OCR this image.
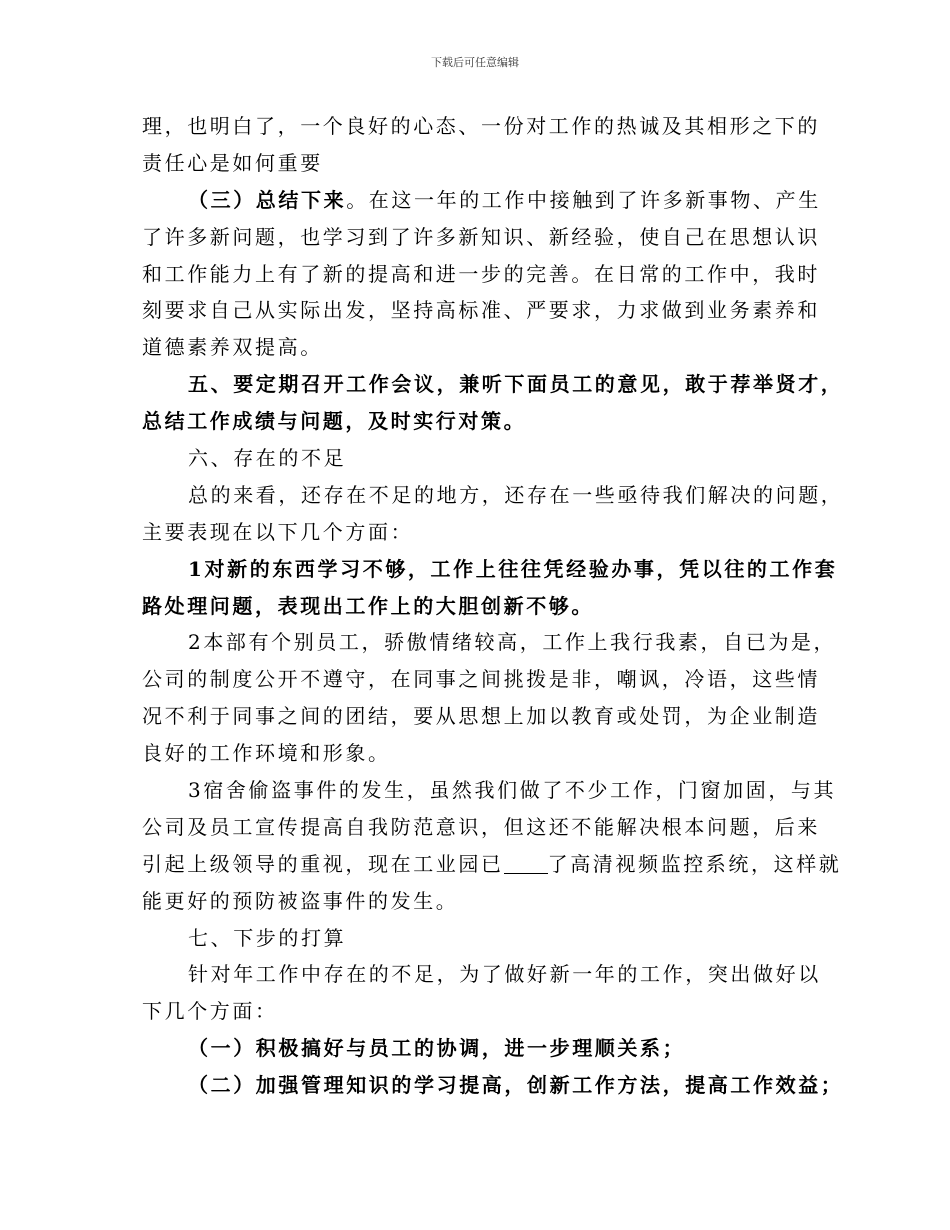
下载后可任意编辑
理，也明白了，一个良好的心态、一份对工作的热诚及其相形之下的
责任心是如何重要
（三）总结下来。在这一年的工作中接触到了许多新事物、产生
了许多新问题，也学习到了许多新知识、新经验，使自己在思想认识
和工作能力上有了新的提高和进一步的完善。在日常的工作中，我时
刻要求自己从实际出发，坚持高标准、严要求，力求做到业务素养和
道德素养双提高。
五、要定期召开工作会议，兼听下面员工的意见，敢于荐举贤才，
总结工作成绩与问题，及时实行对策。
六、存在的不足
总的来看，还存在不足的地方，还存在一些亟待我们解决的问题，
主要表现在以下几个方面：
1对新的东西学习不够，工作上往往凭经验办事，凭以往的工作套
路处理问题，表现出工作上的大胆创新不够。
2本部有个别员工，骄傲情绪较高，工作上我行我素，自已为是，
公司的制度公开不遵守，在同事之间挑拨是非，嘲讽，冷语，这些情
况不利于同事之间的团结，要从思想上加以教育或处罚，为企业制造
良好的工作环境和形象。
3宿舍偷盗事件的发生，虽然我们做了不少工作，门窗加固，与其
公司及员工宣传提高自我防范意识，但这还不能解决根本问题，后来
引起上级领导的重视，现在工业园已 了高清视频监控系统，这样就
能更好的预防被盗事件的发生。
七、下步的打算
针对年工作中存在的不足，为了做好新一年的工作，突出做好以
下几个方面：
（一）积极搞好与员工的协调，进一步理顺关系；
（二）加强管理知识的学习提高，创新工作方法，提高工作效益；
